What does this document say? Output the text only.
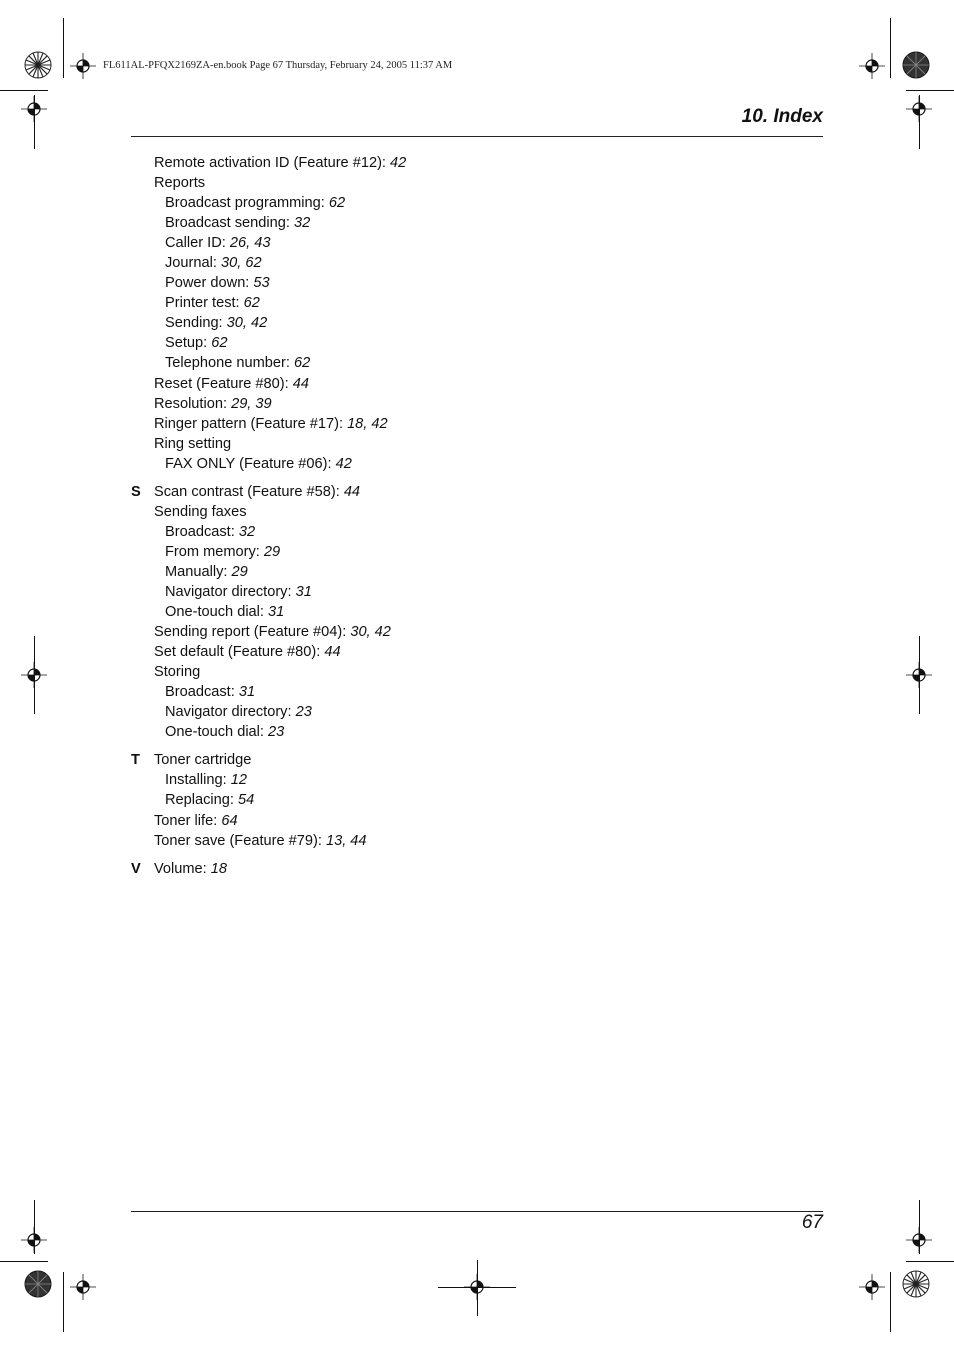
FL611AL-PFQX2169ZA-en.book Page 67 Thursday, February 24, 2005 11:37 AM
10. Index
Remote activation ID (Feature #12): 42
Reports
Broadcast programming: 62
Broadcast sending: 32
Caller ID: 26, 43
Journal: 30, 62
Power down: 53
Printer test: 62
Sending: 30, 42
Setup: 62
Telephone number: 62
Reset (Feature #80): 44
Resolution: 29, 39
Ringer pattern (Feature #17): 18, 42
Ring setting
FAX ONLY (Feature #06): 42
S Scan contrast (Feature #58): 44
Sending faxes
Broadcast: 32
From memory: 29
Manually: 29
Navigator directory: 31
One-touch dial: 31
Sending report (Feature #04): 30, 42
Set default (Feature #80): 44
Storing
Broadcast: 31
Navigator directory: 23
One-touch dial: 23
T Toner cartridge
Installing: 12
Replacing: 54
Toner life: 64
Toner save (Feature #79): 13, 44
V Volume: 18
67
